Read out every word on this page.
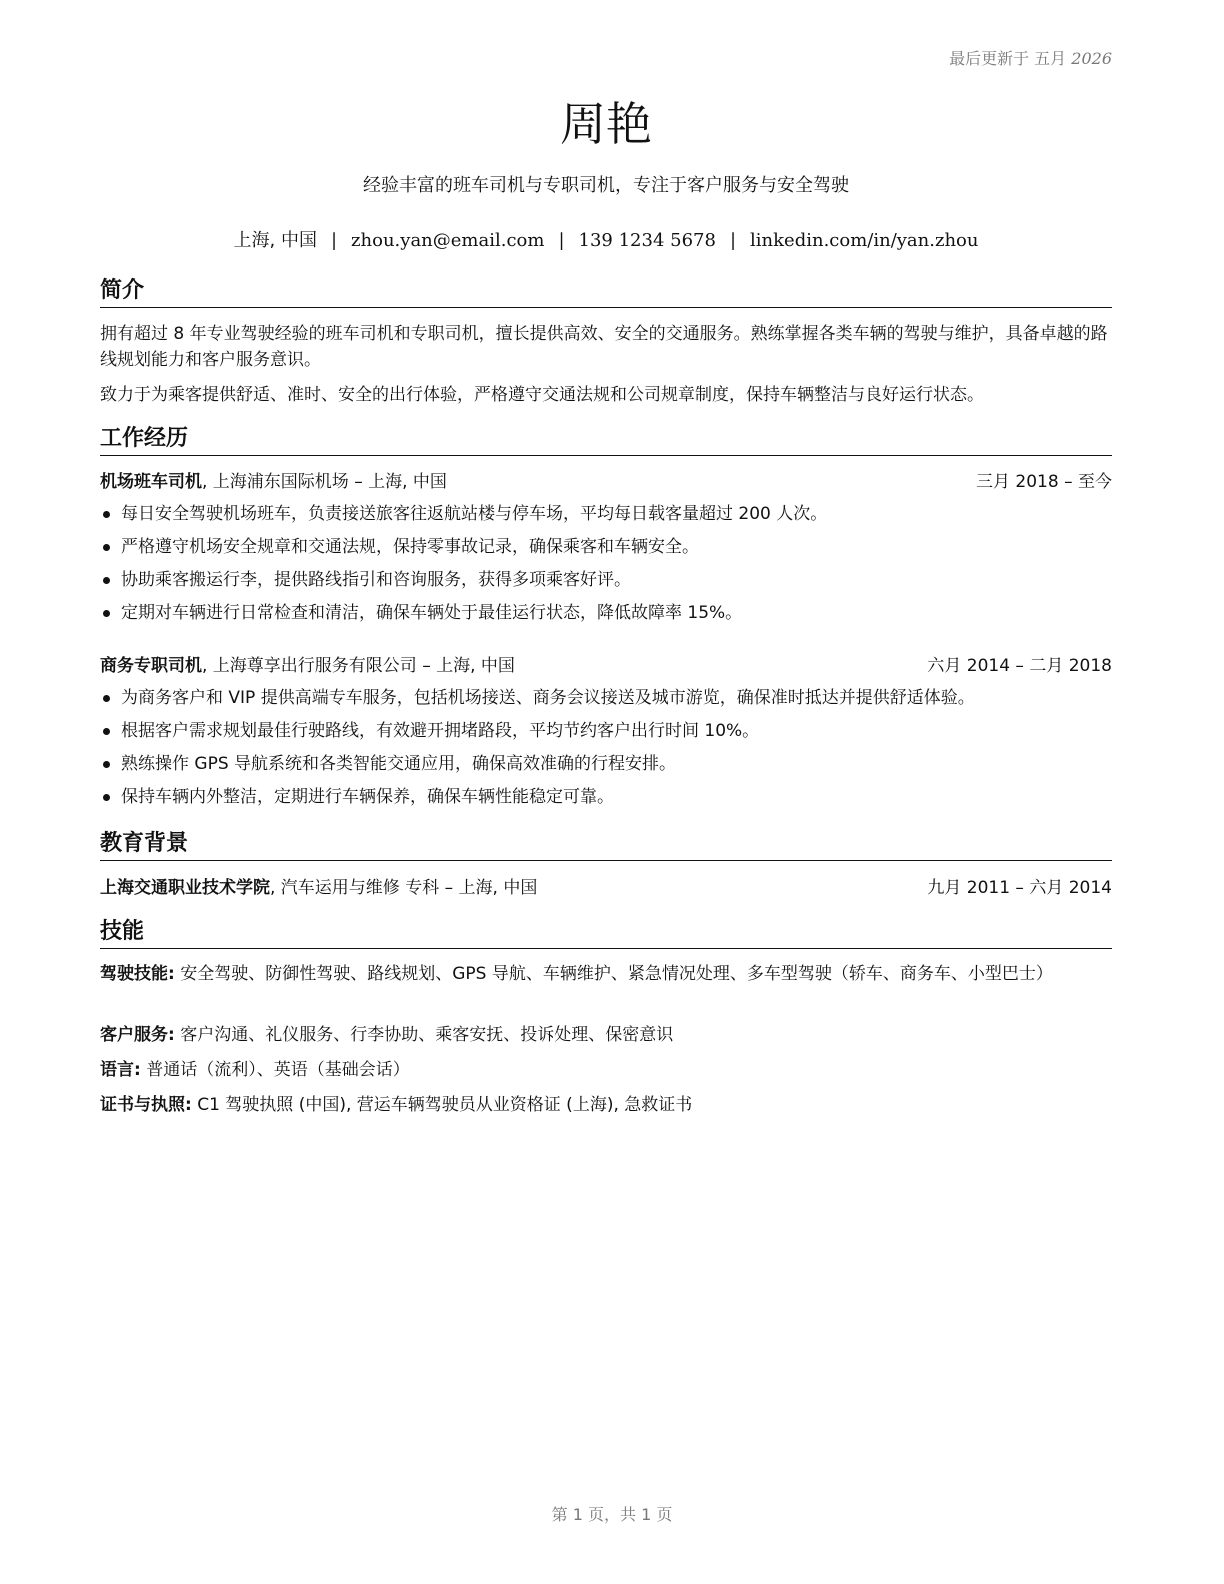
最后更新于 五月 2026
周艳
经验丰富的班车司机与专职司机，专注于客户服务与安全驾驶
上海, 中国 | zhou.yan@email.com | 139 1234 5678 | linkedin.com/in/yan.zhou
简介
拥有超过 8 年专业驾驶经验的班车司机和专职司机，擅长提供高效、安全的交通服务。熟练掌握各类车辆的驾驶与维护，具备卓越的路线规划能力和客户服务意识。
致力于为乘客提供舒适、准时、安全的出行体验，严格遵守交通法规和公司规章制度，保持车辆整洁与良好运行状态。
工作经历
机场班车司机, 上海浦东国际机场 – 上海, 中国	三月 2018 – 至今
每日安全驾驶机场班车，负责接送旅客往返航站楼与停车场，平均每日载客量超过 200 人次。
严格遵守机场安全规章和交通法规，保持零事故记录，确保乘客和车辆安全。
协助乘客搬运行李，提供路线指引和咨询服务，获得多项乘客好评。
定期对车辆进行日常检查和清洁，确保车辆处于最佳运行状态，降低故障率 15%。
商务专职司机, 上海尊享出行服务有限公司 – 上海, 中国	六月 2014 – 二月 2018
为商务客户和 VIP 提供高端专车服务，包括机场接送、商务会议接送及城市游览，确保准时抵达并提供舒适体验。
根据客户需求规划最佳行驶路线，有效避开拥堵路段，平均节约客户出行时间 10%。
熟练操作 GPS 导航系统和各类智能交通应用，确保高效准确的行程安排。
保持车辆内外整洁，定期进行车辆保养，确保车辆性能稳定可靠。
教育背景
上海交通职业技术学院, 汽车运用与维修 专科 – 上海, 中国	九月 2011 – 六月 2014
技能
驾驶技能: 安全驾驶、防御性驾驶、路线规划、GPS 导航、车辆维护、紧急情况处理、多车型驾驶（轿车、商务车、小型巴士）
客户服务: 客户沟通、礼仪服务、行李协助、乘客安抚、投诉处理、保密意识
语言: 普通话（流利）、英语（基础会话）
证书与执照: C1 驾驶执照 (中国), 营运车辆驾驶员从业资格证 (上海), 急救证书
第 1 页，共 1 页
